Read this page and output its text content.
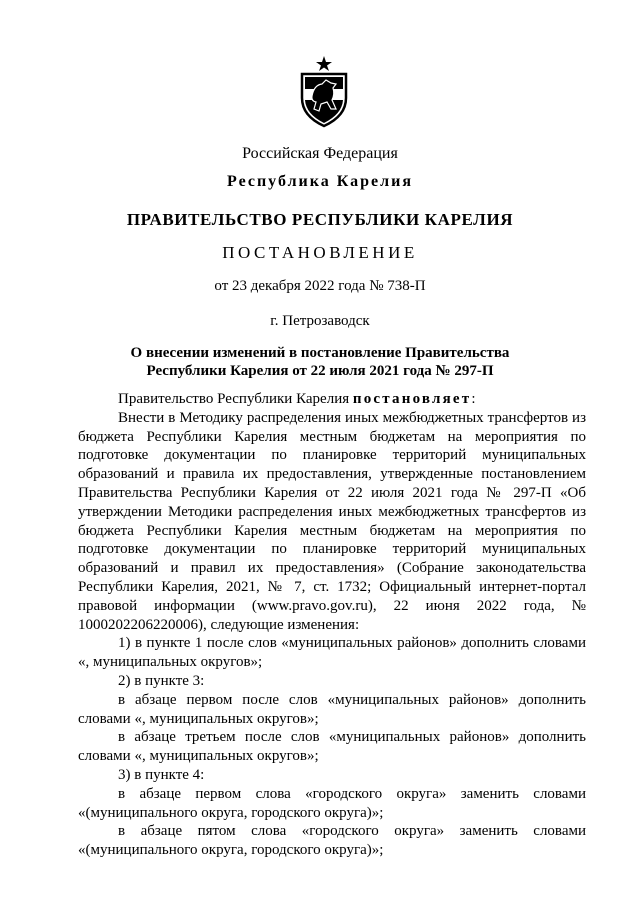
Российская Федерация
Республика Карелия
ПРАВИТЕЛЬСТВО РЕСПУБЛИКИ КАРЕЛИЯ
ПОСТАНОВЛЕНИЕ
от 23 декабря 2022 года № 738-П
г. Петрозаводск
О внесении изменений в постановление Правительства
Республики Карелия от 22 июля 2021 года № 297-П

Правительство Республики Карелия постановляет:

Внести в Методику распределения иных межбюджетных трансфертов из бюджета Республики Карелия местным бюджетам на мероприятия по подготовке документации по планировке территорий муниципальных образований и правила их предоставления, утвержденные постановлением Правительства Республики Карелия от 22 июля 2021 года № 297-П «Об утверждении Методики распределения иных межбюджетных трансфертов из бюджета Республики Карелия местным бюджетам на мероприятия по подготовке документации по планировке территорий муниципальных образований и правил их предоставления» (Собрание законодательства Республики Карелия, 2021, № 7, ст. 1732; Официальный интернет-портал правовой информации (www.pravo.gov.ru), 22 июня 2022 года, № 1000202206220006), следующие изменения:

1) в пункте 1 после слов «муниципальных районов» дополнить словами «, муниципальных округов»;

2) в пункте 3:

в абзаце первом после слов «муниципальных районов» дополнить словами «, муниципальных округов»;

в абзаце третьем после слов «муниципальных районов» дополнить словами «, муниципальных округов»;

3) в пункте 4:

в абзаце первом слова «городского округа» заменить словами «(муниципального округа, городского округа)»;

в абзаце пятом слова «городского округа» заменить словами «(муниципального округа, городского округа)»;
